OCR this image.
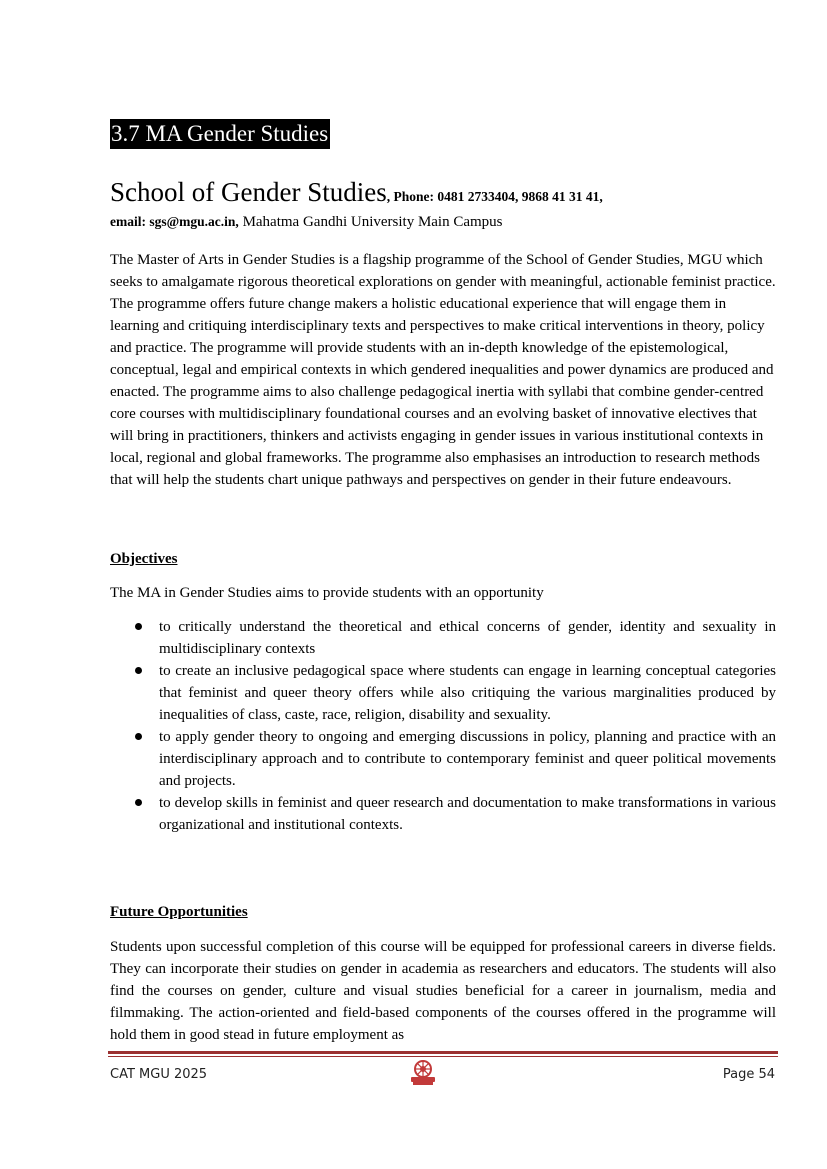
3.7 MA Gender Studies
School of Gender Studies, Phone: 0481 2733404, 9868 41 31 41,
email: sgs@mgu.ac.in, Mahatma Gandhi University Main Campus

The Master of Arts in Gender Studies is a flagship programme of the School of Gender Studies, MGU which seeks to amalgamate rigorous theoretical explorations on gender with meaningful, actionable feminist practice. The programme offers future change makers a holistic educational experience that will engage them in learning and critiquing interdisciplinary texts and perspectives to make critical interventions in theory, policy and practice. The programme will provide students with an in-depth knowledge of the epistemological, conceptual, legal and empirical contexts in which gendered inequalities and power dynamics are produced and enacted. The programme aims to also challenge pedagogical inertia with syllabi that combine gender-centred core courses with multidisciplinary foundational courses and an evolving basket of innovative electives that will bring in practitioners, thinkers and activists engaging in gender issues in various institutional contexts in local, regional and global frameworks. The programme also emphasises an introduction to research methods that will help the students chart unique pathways and perspectives on gender in their future endeavours.

Objectives

The MA in Gender Studies aims to provide students with an opportunity

to critically understand the theoretical and ethical concerns of gender, identity and sexuality in multidisciplinary contexts
to create an inclusive pedagogical space where students can engage in learning conceptual categories that feminist and queer theory offers while also critiquing the various marginalities produced by inequalities of class, caste, race, religion, disability and sexuality.
to apply gender theory to ongoing and emerging discussions in policy, planning and practice with an interdisciplinary approach and to contribute to contemporary feminist and queer political movements and projects.
to develop skills in feminist and queer research and documentation to make transformations in various organizational and institutional contexts.

Future Opportunities

Students upon successful completion of this course will be equipped for professional careers in diverse fields. They can incorporate their studies on gender in academia as researchers and educators. The students will also find the courses on gender, culture and visual studies beneficial for a career in journalism, media and filmmaking. The action-oriented and field-based components of the courses offered in the programme will hold them in good stead in future employment as

CAT MGU 2025	Page 54
